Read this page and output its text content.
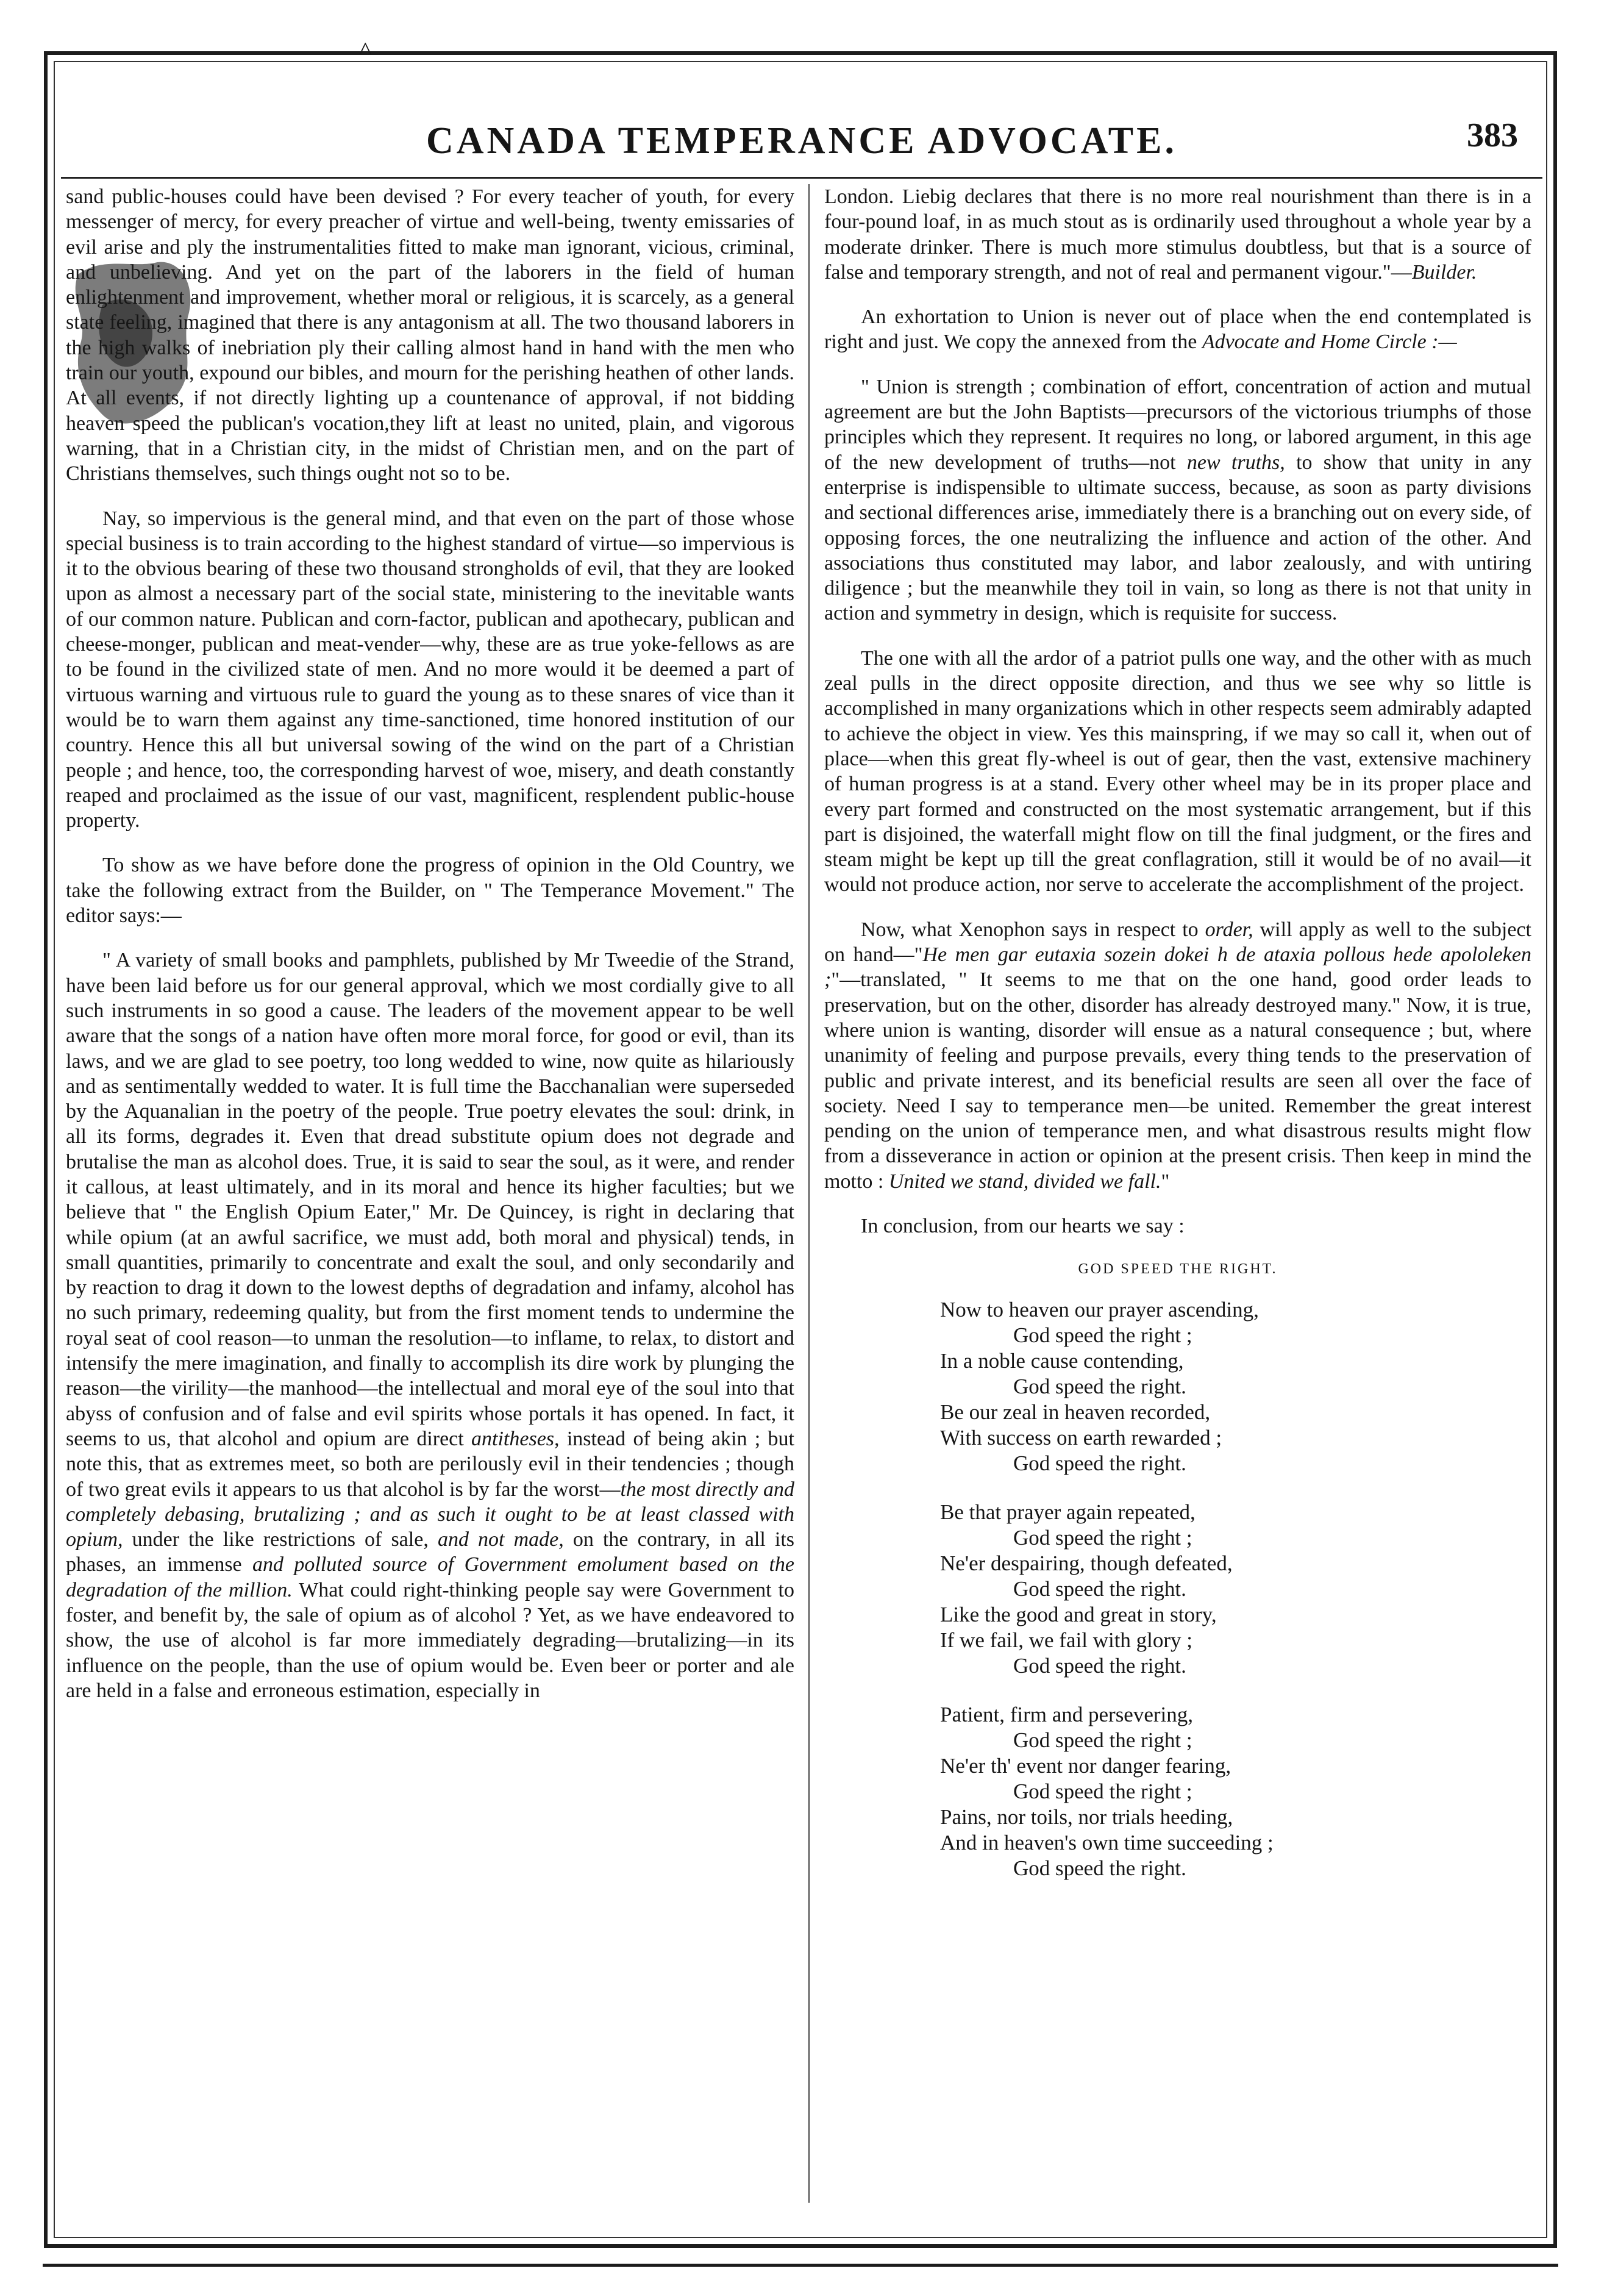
˄
CANADA TEMPERANCE ADVOCATE.	383

sand public-houses could have been devised ? For every teacher of youth, for every messenger of mercy, for every preacher of virtue and well-being, twenty emissaries of evil arise and ply the instrumentalities fitted to make man ignorant, vicious, criminal, and unbelieving. And yet on the part of the laborers in the field of human enlightenment and improvement, whether moral or religious, it is scarcely, as a general state feeling, imagined that there is any antagonism at all. The two thousand laborers in the high walks of inebriation ply their calling almost hand in hand with the men who train our youth, expound our bibles, and mourn for the perishing heathen of other lands. At all events, if not directly lighting up a countenance of approval, if not bidding heaven speed the publican's vocation,they lift at least no united, plain, and vigorous warning, that in a Christian city, in the midst of Christian men, and on the part of Christians themselves, such things ought not so to be.

Nay, so impervious is the general mind, and that even on the part of those whose special business is to train according to the highest standard of virtue—so impervious is it to the obvious bearing of these two thousand strongholds of evil, that they are looked upon as almost a necessary part of the social state, ministering to the inevitable wants of our common nature. Publican and corn-factor, publican and apothecary, publican and cheese-monger, publican and meat-vender—why, these are as true yoke-fellows as are to be found in the civilized state of men. And no more would it be deemed a part of virtuous warning and virtuous rule to guard the young as to these snares of vice than it would be to warn them against any time-sanctioned, time honored institution of our country. Hence this all but universal sowing of the wind on the part of a Christian people ; and hence, too, the corresponding harvest of woe, misery, and death constantly reaped and proclaimed as the issue of our vast, magnificent, resplendent public-house property.

To show as we have before done the progress of opinion in the Old Country, we take the following extract from the Builder, on " The Temperance Movement." The editor says:—

" A variety of small books and pamphlets, published by Mr Tweedie of the Strand, have been laid before us for our general approval, which we most cordially give to all such instruments in so good a cause. The leaders of the movement appear to be well aware that the songs of a nation have often more moral force, for good or evil, than its laws, and we are glad to see poetry, too long wedded to wine, now quite as hilariously and as sentimentally wedded to water. It is full time the Bacchanalian were superseded by the Aquanalian in the poetry of the people. True poetry elevates the soul: drink, in all its forms, degrades it. Even that dread substitute opium does not degrade and brutalise the man as alcohol does. True, it is said to sear the soul, as it were, and render it callous, at least ultimately, and in its moral and hence its higher faculties; but we believe that " the English Opium Eater," Mr. De Quincey, is right in declaring that while opium (at an awful sacrifice, we must add, both moral and physical) tends, in small quantities, primarily to concentrate and exalt the soul, and only secondarily and by reaction to drag it down to the lowest depths of degradation and infamy, alcohol has no such primary, redeeming quality, but from the first moment tends to undermine the royal seat of cool reason—to unman the resolution—to inflame, to relax, to distort and intensify the mere imagination, and finally to accomplish its dire work by plunging the reason—the virility—the manhood—the intellectual and moral eye of the soul into that abyss of confusion and of false and evil spirits whose portals it has opened. In fact, it seems to us, that alcohol and opium are direct antitheses, instead of being akin ; but note this, that as extremes meet, so both are perilously evil in their tendencies ; though of two great evils it appears to us that alcohol is by far the worst—the most directly and completely debasing, brutalizing ; and as such it ought to be at least classed with opium, under the like restrictions of sale, and not made, on the contrary, in all its phases, an immense and polluted source of Government emolument based on the degradation of the million. What could right-thinking people say were Government to foster, and benefit by, the sale of opium as of alcohol ? Yet, as we have endeavored to show, the use of alcohol is far more immediately degrading—brutalizing—in its influence on the people, than the use of opium would be. Even beer or porter and ale are held in a false and erroneous estimation, especially in

London. Liebig declares that there is no more real nourishment than there is in a four-pound loaf, in as much stout as is ordinarily used throughout a whole year by a moderate drinker. There is much more stimulus doubtless, but that is a source of false and temporary strength, and not of real and permanent vigour."—Builder.

An exhortation to Union is never out of place when the end contemplated is right and just. We copy the annexed from the Advocate and Home Circle :—

" Union is strength ; combination of effort, concentration of action and mutual agreement are but the John Baptists—precursors of the victorious triumphs of those principles which they represent. It requires no long, or labored argument, in this age of the new development of truths—not new truths, to show that unity in any enterprise is indispensible to ultimate success, because, as soon as party divisions and sectional differences arise, immediately there is a branching out on every side, of opposing forces, the one neutralizing the influence and action of the other. And associations thus constituted may labor, and labor zealously, and with untiring diligence ; but the meanwhile they toil in vain, so long as there is not that unity in action and symmetry in design, which is requisite for success.

The one with all the ardor of a patriot pulls one way, and the other with as much zeal pulls in the direct opposite direction, and thus we see why so little is accomplished in many organizations which in other respects seem admirably adapted to achieve the object in view. Yes this mainspring, if we may so call it, when out of place—when this great fly-wheel is out of gear, then the vast, extensive machinery of human progress is at a stand. Every other wheel may be in its proper place and every part formed and constructed on the most systematic arrangement, but if this part is disjoined, the waterfall might flow on till the final judgment, or the fires and steam might be kept up till the great conflagration, still it would be of no avail—it would not produce action, nor serve to accelerate the accomplishment of the project.

Now, what Xenophon says in respect to order, will apply as well to the subject on hand—"He men gar eutaxia sozein dokei h de ataxia pollous hede apololeken ;"—translated, " It seems to me that on the one hand, good order leads to preservation, but on the other, disorder has already destroyed many." Now, it is true, where union is wanting, disorder will ensue as a natural consequence ; but, where unanimity of feeling and purpose prevails, every thing tends to the preservation of public and private interest, and its beneficial results are seen all over the face of society. Need I say to temperance men—be united. Remember the great interest pending on the union of temperance men, and what disastrous results might flow from a disseverance in action or opinion at the present crisis. Then keep in mind the motto : United we stand, divided we fall."

In conclusion, from our hearts we say :

GOD SPEED THE RIGHT.

Now to heaven our prayer ascending,

God speed the right ;

In a noble cause contending,

God speed the right.

Be our zeal in heaven recorded,

With success on earth rewarded ;

God speed the right.

Be that prayer again repeated,

God speed the right ;

Ne'er despairing, though defeated,

God speed the right.

Like the good and great in story,

If we fail, we fail with glory ;

God speed the right.

Patient, firm and persevering,

God speed the right ;

Ne'er th' event nor danger fearing,

God speed the right ;

Pains, nor toils, nor trials heeding,

And in heaven's own time succeeding ;

God speed the right.
